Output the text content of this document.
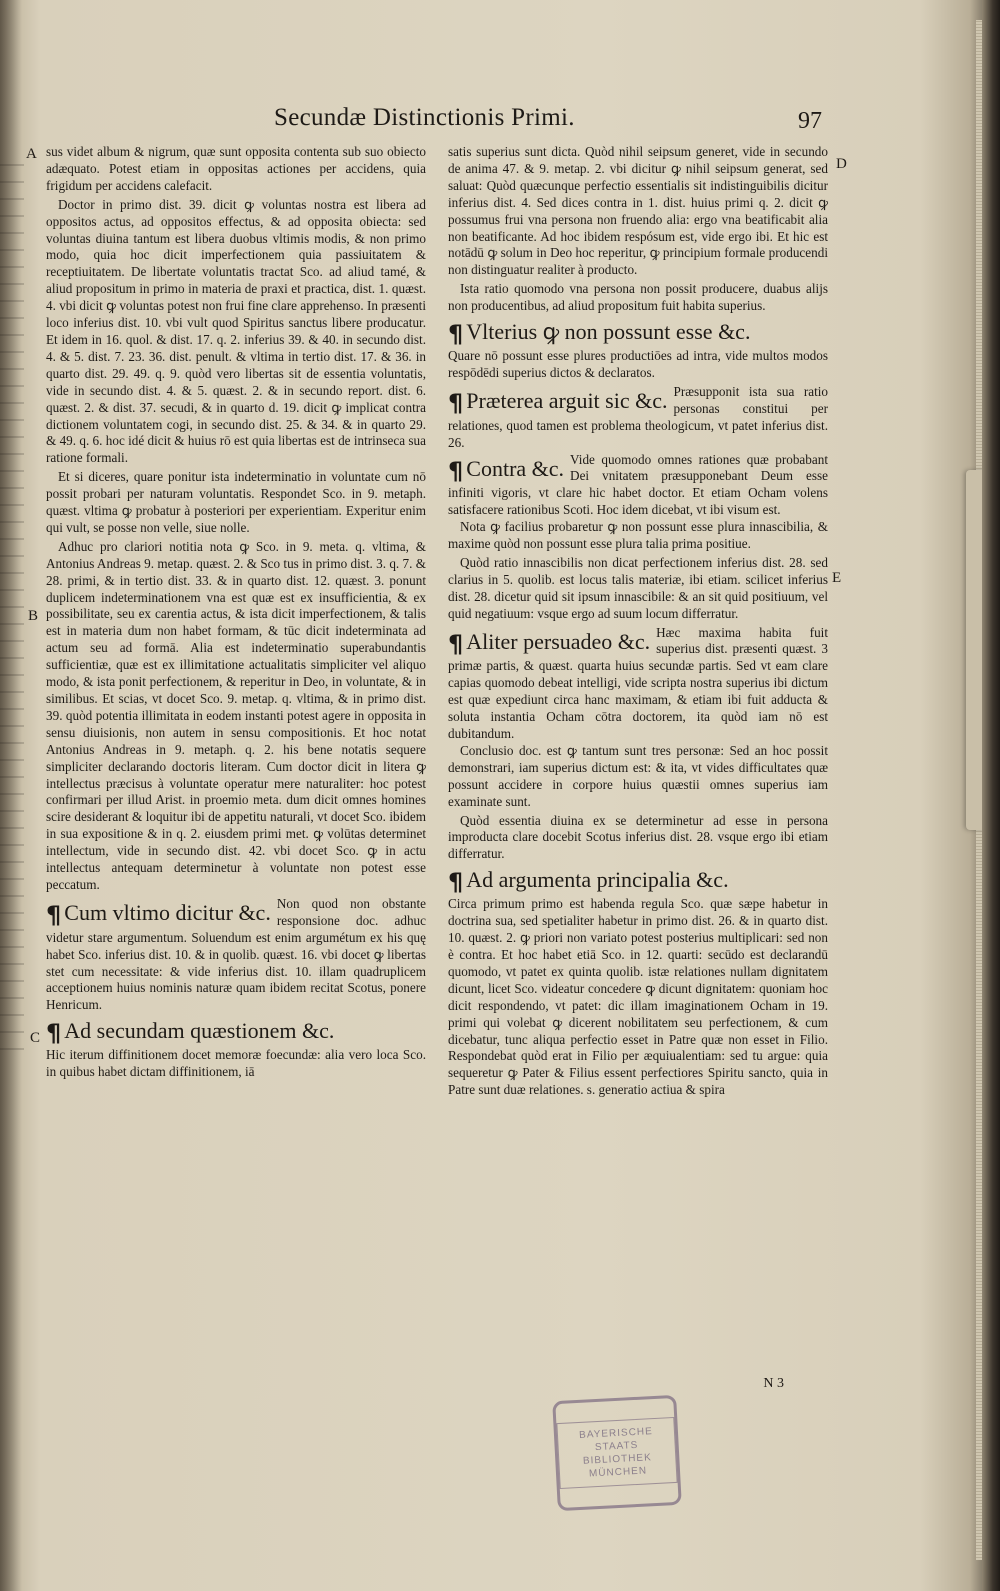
Secundæ Distinctionis Primi.	97
A
B
C
D
E

sus videt album & nigrum, quæ sunt opposita contenta sub suo obiecto adæquato. Potest etiam in oppositas actiones per accidens, quia frigidum per accidens calefacit.

Doctor in primo dist. 39. dicit ꝙ voluntas nostra est libera ad oppositos actus, ad oppositos effectus, & ad opposita obiecta: sed voluntas diuina tantum est libera duobus vltimis modis, & non primo modo, quia hoc dicit imperfectionem quia passiuitatem & receptiuitatem. De libertate voluntatis tractat Sco. ad aliud tamé, & aliud propositum in primo in materia de praxi et practica, dist. 1. quæst. 4. vbi dicit ꝙ voluntas potest non frui fine clare apprehenso. In præsenti loco inferius dist. 10. vbi vult quod Spiritus sanctus libere producatur. Et idem in 16. quol. & dist. 17. q. 2. inferius 39. & 40. in secundo dist. 4. & 5. dist. 7. 23. 36. dist. penult. & vltima in tertio dist. 17. & 36. in quarto dist. 29. 49. q. 9. quòd vero libertas sit de essentia voluntatis, vide in secundo dist. 4. & 5. quæst. 2. & in secundo report. dist. 6. quæst. 2. & dist. 37. secudi, & in quarto d. 19. dicit ꝙ implicat contra dictionem voluntatem cogi, in secundo dist. 25. & 34. & in quarto 29. & 49. q. 6. hoc idé dicit & huius rō est quia libertas est de intrinseca sua ratione formali.

Et si diceres, quare ponitur ista indeterminatio in voluntate cum nō possit probari per naturam voluntatis. Respondet Sco. in 9. metaph. quæst. vltima ꝙ probatur à posteriori per experientiam. Experitur enim qui vult, se posse non velle, siue nolle.

Adhuc pro clariori notitia nota ꝙ Sco. in 9. meta. q. vltima, & Antonius Andreas 9. metap. quæst. 2. & Sco tus in primo dist. 3. q. 7. & 28. primi, & in tertio dist. 33. & in quarto dist. 12. quæst. 3. ponunt duplicem indeterminationem vna est quæ est ex insufficientia, & ex possibilitate, seu ex carentia actus, & ista dicit imperfectionem, & talis est in materia dum non habet formam, & tūc dicit indeterminata ad actum seu ad formā. Alia est indeterminatio superabundantis sufficientiæ, quæ est ex illimitatione actualitatis simpliciter vel aliquo modo, & ista ponit perfectionem, & reperitur in Deo, in voluntate, & in similibus. Et scias, vt docet Sco. 9. metap. q. vltima, & in primo dist. 39. quòd potentia illimitata in eodem instanti potest agere in opposita in sensu diuisionis, non autem in sensu compositionis. Et hoc notat Antonius Andreas in 9. metaph. q. 2. his bene notatis sequere simpliciter declarando doctoris literam. Cum doctor dicit in litera ꝙ intellectus præcisus à voluntate operatur mere naturaliter: hoc potest confirmari per illud Arist. in proemio meta. dum dicit omnes homines scire desiderant & loquitur ibi de appetitu naturali, vt docet Sco. ibidem in sua expositione & in q. 2. eiusdem primi met. ꝙ volūtas determinet intellectum, vide in secundo dist. 42. vbi docet Sco. ꝙ in actu intellectus antequam determinetur à voluntate non potest esse peccatum.

¶ Cum vltimo dicitur &c. Non quod non obstante responsione doc. adhuc videtur stare argumentum. Soluendum est enim argumétum ex his quę habet Sco. inferius dist. 10. & in quolib. quæst. 16. vbi docet ꝙ libertas stet cum necessitate: & vide inferius dist. 10. illam quadruplicem acceptionem huius nominis naturæ quam ibidem recitat Scotus, ponere Henricum.
¶ Ad secundam quæstionem &c.

Hic iterum diffinitionem docet memoræ foecundæ: alia vero loca Sco. in quibus habet dictam diffinitionem, iā

satis superius sunt dicta. Quòd nihil seipsum generet, vide in secundo de anima 47. & 9. metap. 2. vbi dicitur ꝙ nihil seipsum generat, sed saluat: Quòd quæcunque perfectio essentialis sit indistinguibilis dicitur inferius dist. 4. Sed dices contra in 1. dist. huius primi q. 2. dicit ꝙ possumus frui vna persona non fruendo alia: ergo vna beatificabit alia non beatificante. Ad hoc ibidem respósum est, vide ergo ibi. Et hic est notādū ꝙ solum in Deo hoc reperitur, ꝙ principium formale producendi non distinguatur realiter à producto.

Ista ratio quomodo vna persona non possit producere, duabus alijs non producentibus, ad aliud propositum fuit habita superius.

¶ Vlterius ꝙ non possunt esse &c.

Quare nō possunt esse plures productiōes ad intra, vide multos modos respōdēdi superius dictos & declaratos.

¶ Præterea arguit sic &c. Præsupponit ista sua ratio personas constitui per relationes, quod tamen est problema theologicum, vt patet inferius dist. 26.
¶ Contra &c. Vide quomodo omnes rationes quæ probabant Dei vnitatem præsupponebant Deum esse infiniti vigoris, vt clare hic habet doctor. Et etiam Ocham volens satisfacere rationibus Scoti. Hoc idem dicebat, vt ibi visum est.

Nota ꝙ facilius probaretur ꝙ non possunt esse plura innascibilia, & maxime quòd non possunt esse plura talia prima positiue.

Quòd ratio innascibilis non dicat perfectionem inferius dist. 28. sed clarius in 5. quolib. est locus talis materiæ, ibi etiam. scilicet inferius dist. 28. dicetur quid sit ipsum innascibile: & an sit quid positiuum, vel quid negatiuum: vsque ergo ad suum locum differratur.

¶ Aliter persuadeo &c. Hæc maxima habita fuit superius dist. præsenti quæst. 3 primæ partis, & quæst. quarta huius secundæ partis. Sed vt eam clare capias quomodo debeat intelligi, vide scripta nostra superius ibi dictum est quæ expediunt circa hanc maximam, & etiam ibi fuit adducta & soluta instantia Ocham cōtra doctorem, ita quòd iam nō est dubitandum.

Conclusio doc. est ꝙ tantum sunt tres personæ: Sed an hoc possit demonstrari, iam superius dictum est: & ita, vt vides difficultates quæ possunt accidere in corpore huius quæstii omnes superius iam examinate sunt.

Quòd essentia diuina ex se determinetur ad esse in persona improducta clare docebit Scotus inferius dist. 28. vsque ergo ibi etiam differratur.

¶ Ad argumenta principalia &c.

Circa primum primo est habenda regula Sco. quæ sæpe habetur in doctrina sua, sed spetialiter habetur in primo dist. 26. & in quarto dist. 10. quæst. 2. ꝙ priori non variato potest posterius multiplicari: sed non è contra. Et hoc habet etiā Sco. in 12. quarti: secūdo est declarandū quomodo, vt patet ex quinta quolib. istæ relationes nullam dignitatem dicunt, licet Sco. videatur concedere ꝙ dicunt dignitatem: quoniam hoc dicit respondendo, vt patet: dic illam imaginationem Ocham in 19. primi qui volebat ꝙ dicerent nobilitatem seu perfectionem, & cum dicebatur, tunc aliqua perfectio esset in Patre quæ non esset in Filio. Respondebat quòd erat in Filio per æquiualentiam: sed tu argue: quia sequeretur ꝙ Pater & Filius essent perfectiores Spiritu sancto, quia in Patre sunt duæ relationes. s. generatio actiua & spira

N 3
BAYERISCHE STAATS BIBLIOTHEK MÜNCHEN
